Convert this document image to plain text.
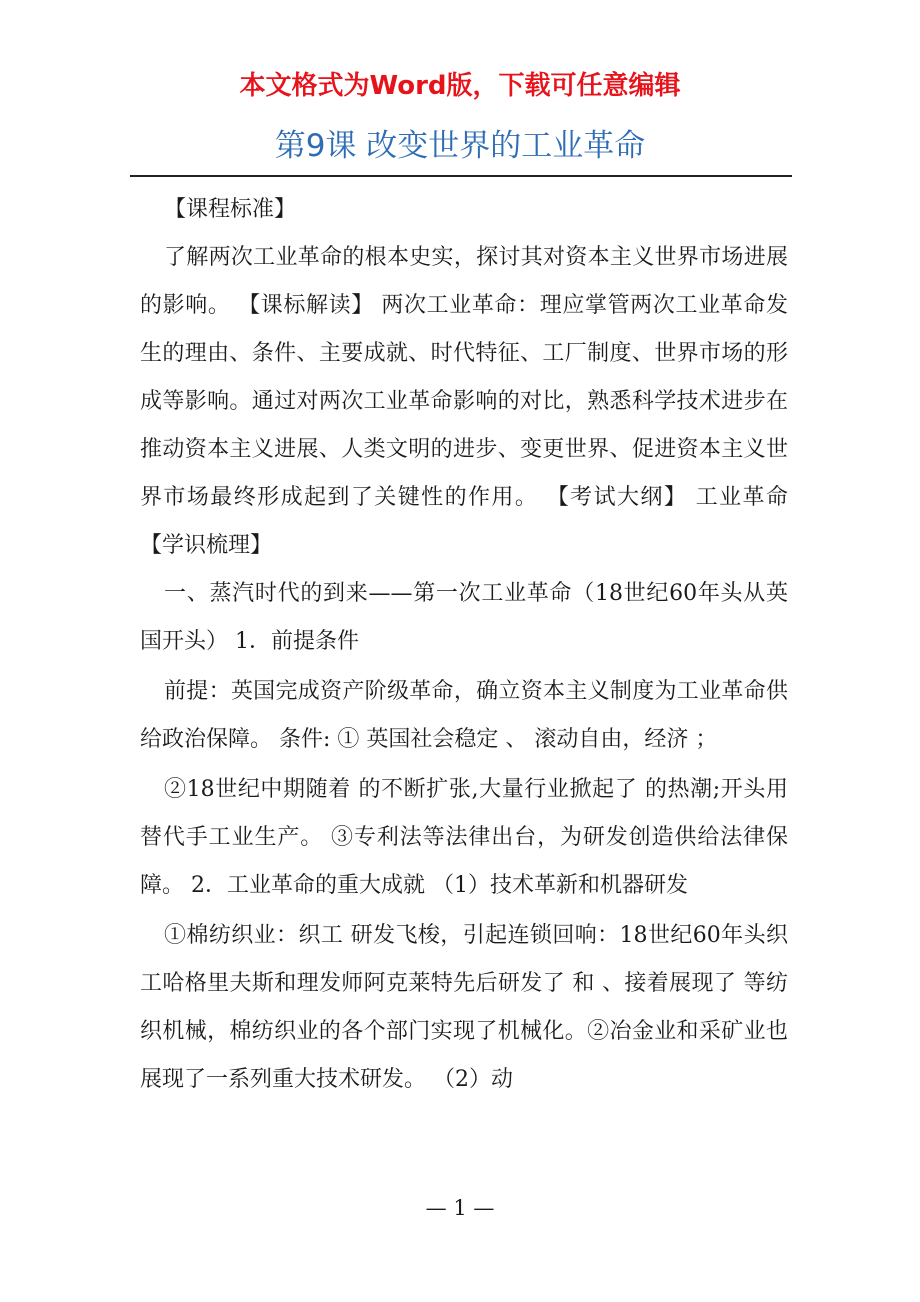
本文格式为Word版，下载可任意编辑
第9课 改变世界的工业革命

【课程标准】

了解两次工业革命的根本史实，探讨其对资本主义世界市场进展的影响。 【课标解读】 两次工业革命：理应掌管两次工业革命发生的理由、条件、主要成就、时代特征、工厂制度、世界市场的形成等影响。通过对两次工业革命影响的对比，熟悉科学技术进步在推动资本主义进展、人类文明的进步、变更世界、促进资本主义世界市场最终形成起到了关键性的作用。 【考试大纲】 工业革命 【学识梳理】

一、蒸汽时代的到来——第一次工业革命（18世纪60年头从英国开头） 1．前提条件

前提：英国完成资产阶级革命，确立资本主义制度为工业革命供给政治保障。 条件: ① 英国社会稳定 、 滚动自由，经济 ；

②18世纪中期随着 的不断扩张,大量行业掀起了 的热潮;开头用 替代手工业生产。 ③专利法等法律出台，为研发创造供给法律保障。 2．工业革命的重大成就 （1）技术革新和机器研发

①棉纺织业：织工 研发飞梭，引起连锁回响：18世纪60年头织工哈格里夫斯和理发师阿克莱特先后研发了 和 、接着展现了 等纺织机械，棉纺织业的各个部门实现了机械化。②冶金业和采矿业也展现了一系列重大技术研发。 （2）动

— 1 —
